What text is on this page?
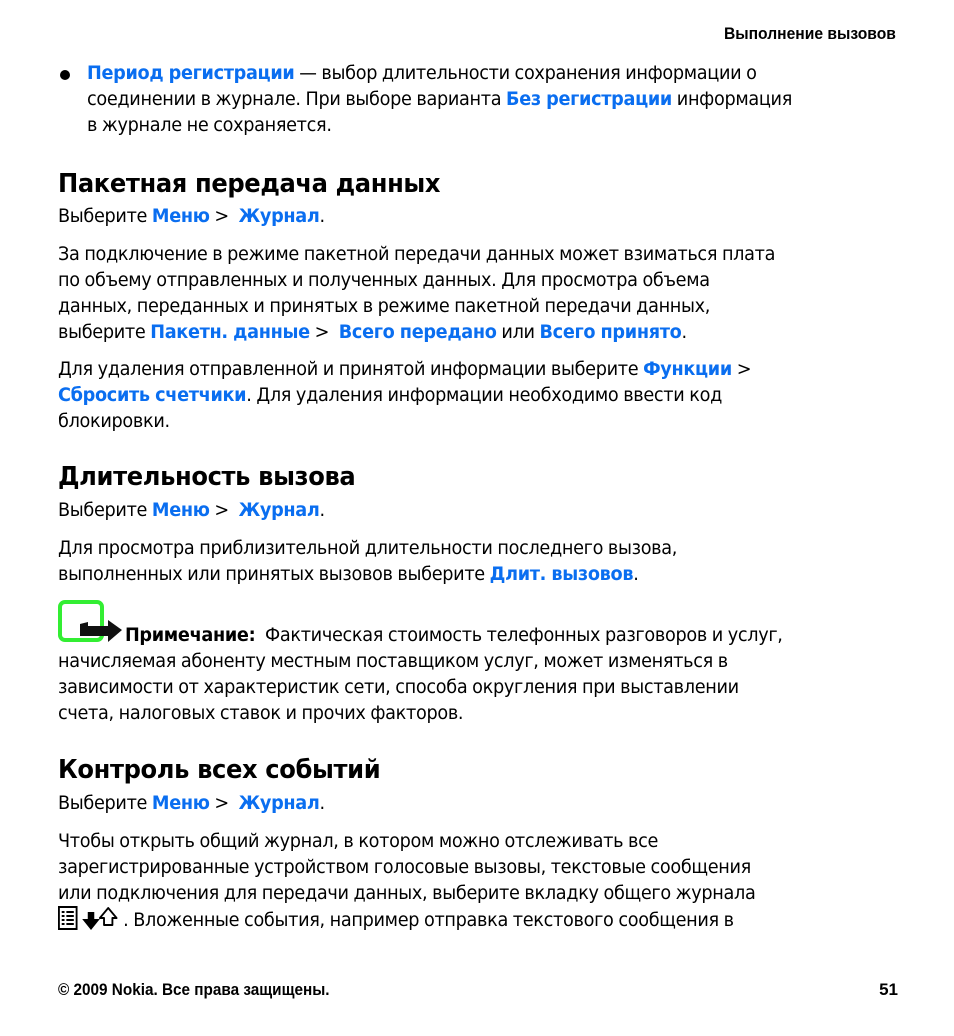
Выполнение вызовов
Период регистрации — выбор длительности сохранения информации о
соединении в журнале. При выборе варианта Без регистрации информация
в журнале не сохраняется.
Пакетная передача данных
Выберите Меню >  Журнал.
За подключение в режиме пакетной передачи данных может взиматься плата
по объему отправленных и полученных данных. Для просмотра объема
данных, переданных и принятых в режиме пакетной передачи данных,
выберите Пакетн. данные >  Всего передано или Всего принято.
Для удаления отправленной и принятой информации выберите Функции >
Сбросить счетчики. Для удаления информации необходимо ввести код
блокировки.
Длительность вызова
Выберите Меню >  Журнал.
Для просмотра приблизительной длительности последнего вызова,
выполненных или принятых вызовов выберите Длит. вызовов.
Примечание: Фактическая стоимость телефонных разговоров и услуг,
начисляемая абоненту местным поставщиком услуг, может изменяться в
зависимости от характеристик сети, способа округления при выставлении
счета, налоговых ставок и прочих факторов.
Контроль всех событий
Выберите Меню >  Журнал.
Чтобы открыть общий журнал, в котором можно отслеживать все
зарегистрированные устройством голосовые вызовы, текстовые сообщения
или подключения для передачи данных, выберите вкладку общего журнала
. Вложенные события, например отправка текстового сообщения в
© 2009 Nokia. Все права защищены.	51
